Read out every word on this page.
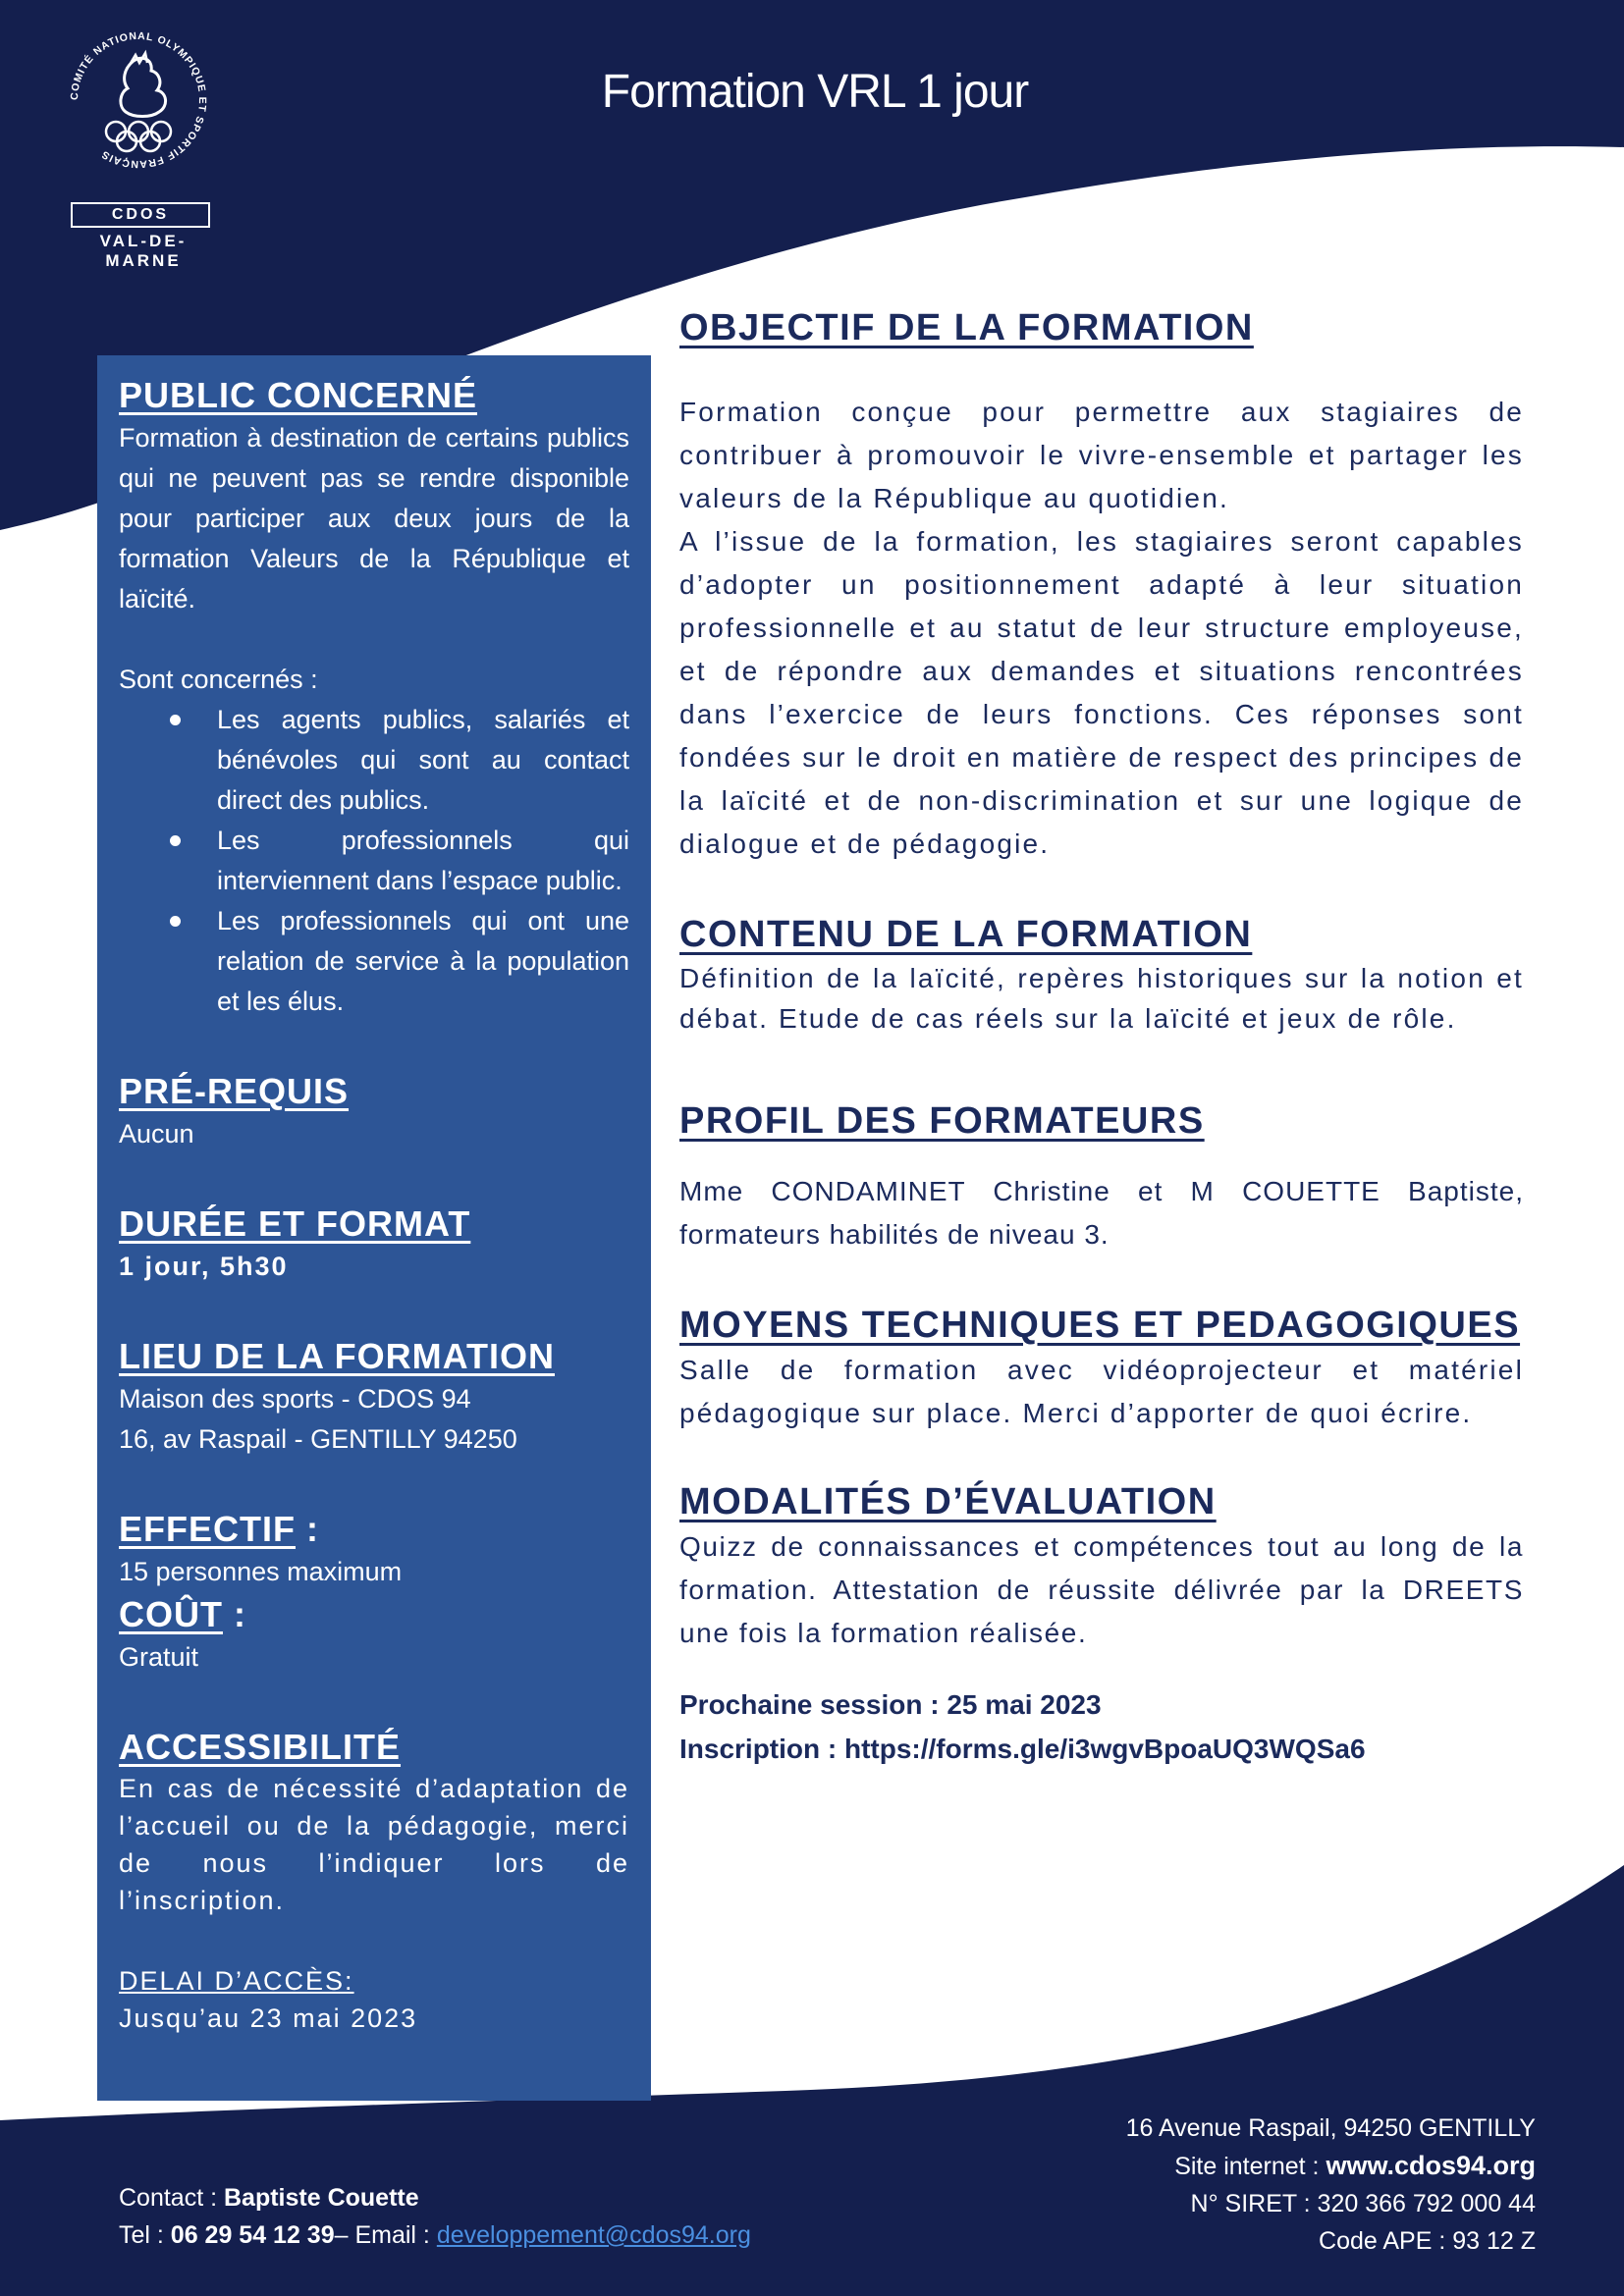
COMITÉ NATIONAL OLYMPIQUE ET SPORTIF FRANÇAIS
CDOS
VAL-DE-MARNE
Formation VRL 1 jour
PUBLIC CONCERNÉ

Formation à destination de certains publics qui ne peuvent pas se rendre disponible pour participer aux deux jours de la formation Valeurs de la République et laïcité.

Sont concernés :

Les agents publics, salariés et bénévoles qui sont au contact direct des publics.
Les professionnels qui interviennent dans l’espace public.
Les professionnels qui ont une relation de service à la population et les élus.
PRÉ-REQUIS

Aucun

DURÉE ET FORMAT

1 jour, 5h30

LIEU DE LA FORMATION

Maison des sports - CDOS 94

16, av Raspail - GENTILLY 94250

EFFECTIF :

15 personnes maximum

COÛT :

Gratuit

ACCESSIBILITÉ

En cas de nécessité d’adaptation de l’accueil ou de la pédagogie, merci de nous l’indiquer lors de l’inscription.

DELAI D’ACCÈS:

Jusqu’au 23 mai 2023

OBJECTIF DE LA FORMATION

Formation conçue pour permettre aux stagiaires de contribuer à promouvoir le vivre-ensemble et partager les valeurs de la République au quotidien.

A l’issue de la formation, les stagiaires seront capables d’adopter un positionnement adapté à leur situation professionnelle et au statut de leur structure employeuse, et de répondre aux demandes et situations rencontrées dans l’exercice de leurs fonctions. Ces réponses sont fondées sur le droit en matière de respect des principes de la laïcité et de non-discrimination et sur une logique de dialogue et de pédagogie.

CONTENU DE LA FORMATION

Définition de la laïcité, repères historiques sur la notion et débat. Etude de cas réels sur la laïcité et jeux de rôle.

PROFIL DES FORMATEURS

Mme CONDAMINET Christine et M COUETTE Baptiste, formateurs habilités de niveau 3.

MOYENS TECHNIQUES ET PEDAGOGIQUES

Salle de formation avec vidéoprojecteur et matériel pédagogique sur place. Merci d’apporter de quoi écrire.

MODALITÉS D’ÉVALUATION

Quizz de connaissances et compétences tout au long de la formation. Attestation de réussite délivrée par la DREETS une fois la formation réalisée.

Prochaine session : 25 mai 2023

Inscription : https://forms.gle/i3wgvBpoaUQ3WQSa6

Contact : Baptiste Couette
Tel : 06 29 54 12 39– Email : developpement@cdos94.org
16 Avenue Raspail, 94250 GENTILLY
Site internet : www.cdos94.org
N° SIRET : 320 366 792 000 44
Code APE : 93 12 Z
